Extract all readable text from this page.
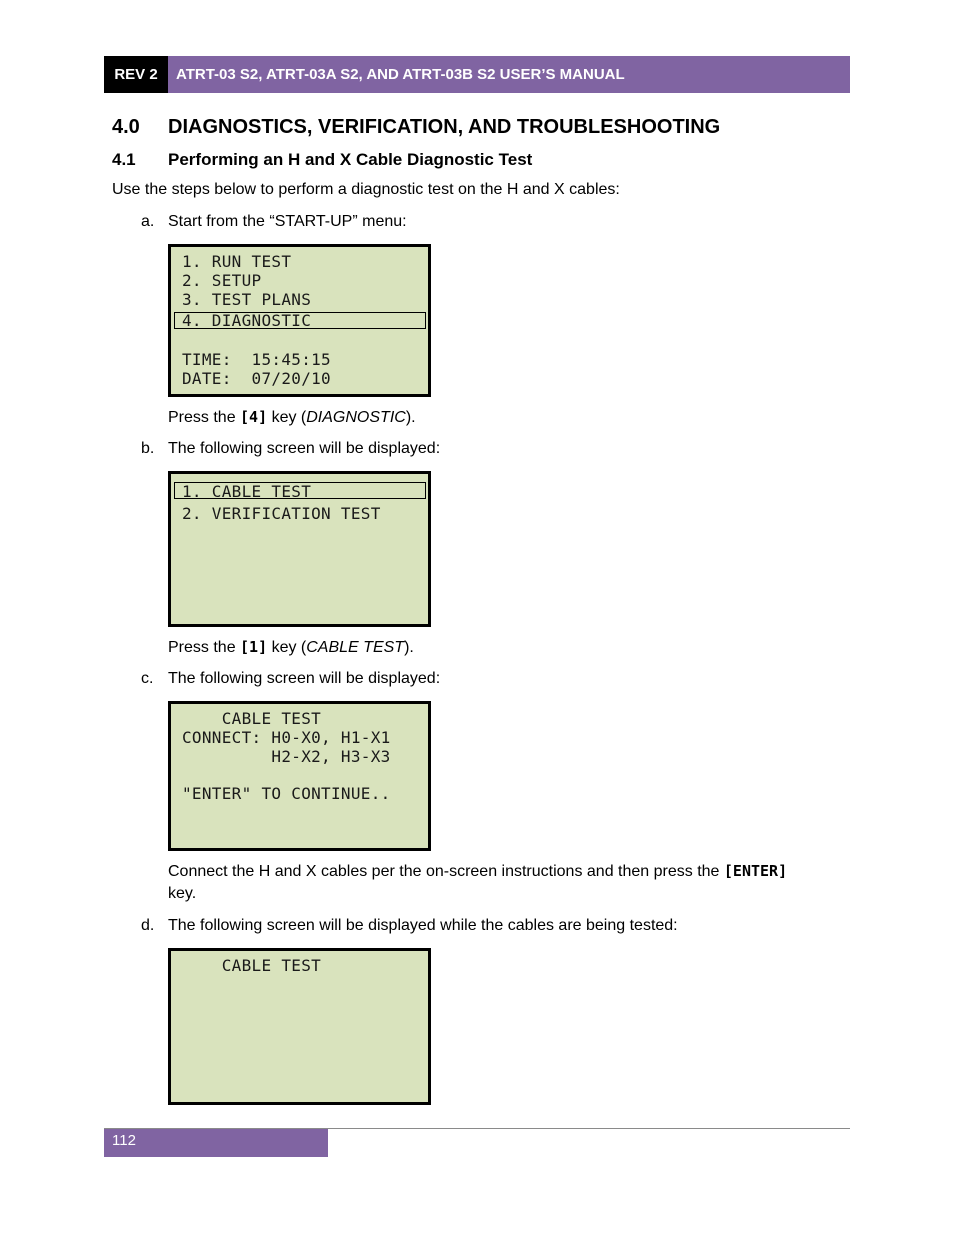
REV 2	ATRT-03 S2, ATRT-03A S2, AND ATRT-03B S2 USER’S MANUAL
4.0 DIAGNOSTICS, VERIFICATION, AND TROUBLESHOOTING
4.1 Performing an H and X Cable Diagnostic Test
Use the steps below to perform a diagnostic test on the H and X cables:
a. Start from the “START-UP” menu:
1. RUN TEST
2. SETUP
3. TEST PLANS
4. DIAGNOSTIC
TIME:  15:45:15
DATE:  07/20/10
Press the [4] key (DIAGNOSTIC).
b. The following screen will be displayed:
1. CABLE TEST
2. VERIFICATION TEST
Press the [1] key (CABLE TEST).
c. The following screen will be displayed:
CABLE TEST
CONNECT: H0-X0, H1-X1
H2-X2, H3-X3
"ENTER" TO CONTINUE..
Connect the H and X cables per the on-screen instructions and then press the [ENTER]
key.
d. The following screen will be displayed while the cables are being tested:
CABLE TEST
112
